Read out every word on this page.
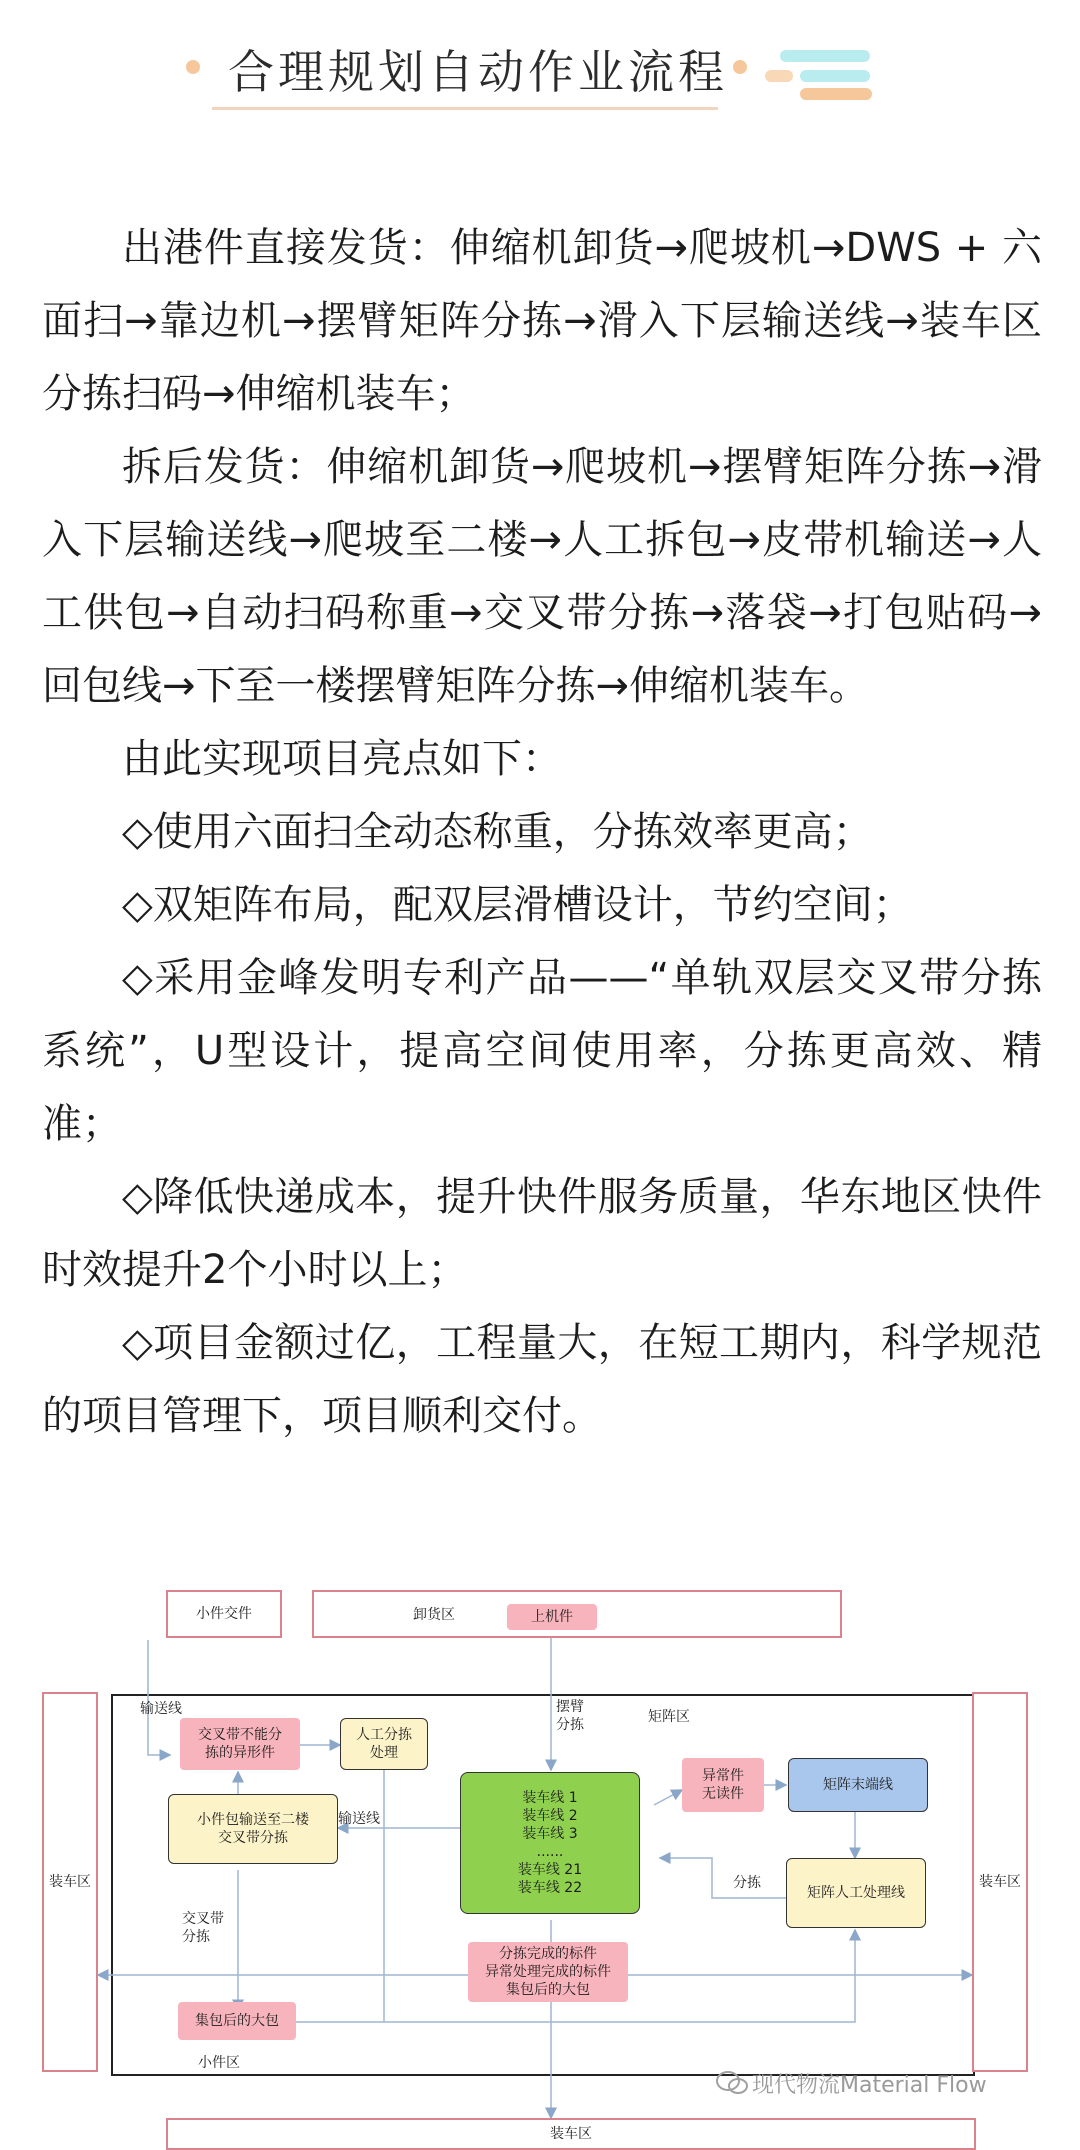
合理规划自动作业流程

出港件直接发货：伸缩机卸货→爬坡机→DWS + 六面扫→靠边机→摆臂矩阵分拣→滑入下层输送线→装车区分拣扫码→伸缩机装车；

拆后发货：伸缩机卸货→爬坡机→摆臂矩阵分拣→滑入下层输送线→爬坡至二楼→人工拆包→皮带机输送→人工供包→自动扫码称重→交叉带分拣→落袋→打包贴码→回包线→下至一楼摆臂矩阵分拣→伸缩机装车。

由此实现项目亮点如下：

◇使用六面扫全动态称重，分拣效率更高；

◇双矩阵布局，配双层滑槽设计，节约空间；

◇采用金峰发明专利产品——“单轨双层交叉带分拣系统”，U型设计，提高空间使用率，分拣更高效、精准；

◇降低快递成本，提升快件服务质量，华东地区快件时效提升2个小时以上；

◇项目金额过亿，工程量大，在短工期内，科学规范的项目管理下，项目顺利交付。

小件交件	卸货区	上机件
装车区	装车区
装车区
输送线	摆臂
分拣	矩阵区
交叉带不能分
拣的异形件
人工分拣
处理
小件包输送至二楼
交叉带分拣
输送线
装车线 1
装车线 2
装车线 3
......
装车线 21
装车线 22
异常件
无读件
矩阵末端线
分拣
矩阵人工处理线
交叉带
分拣
分拣完成的标件
异常处理完成的标件
集包后的大包
集包后的大包
小件区
现代物流Material Flow
